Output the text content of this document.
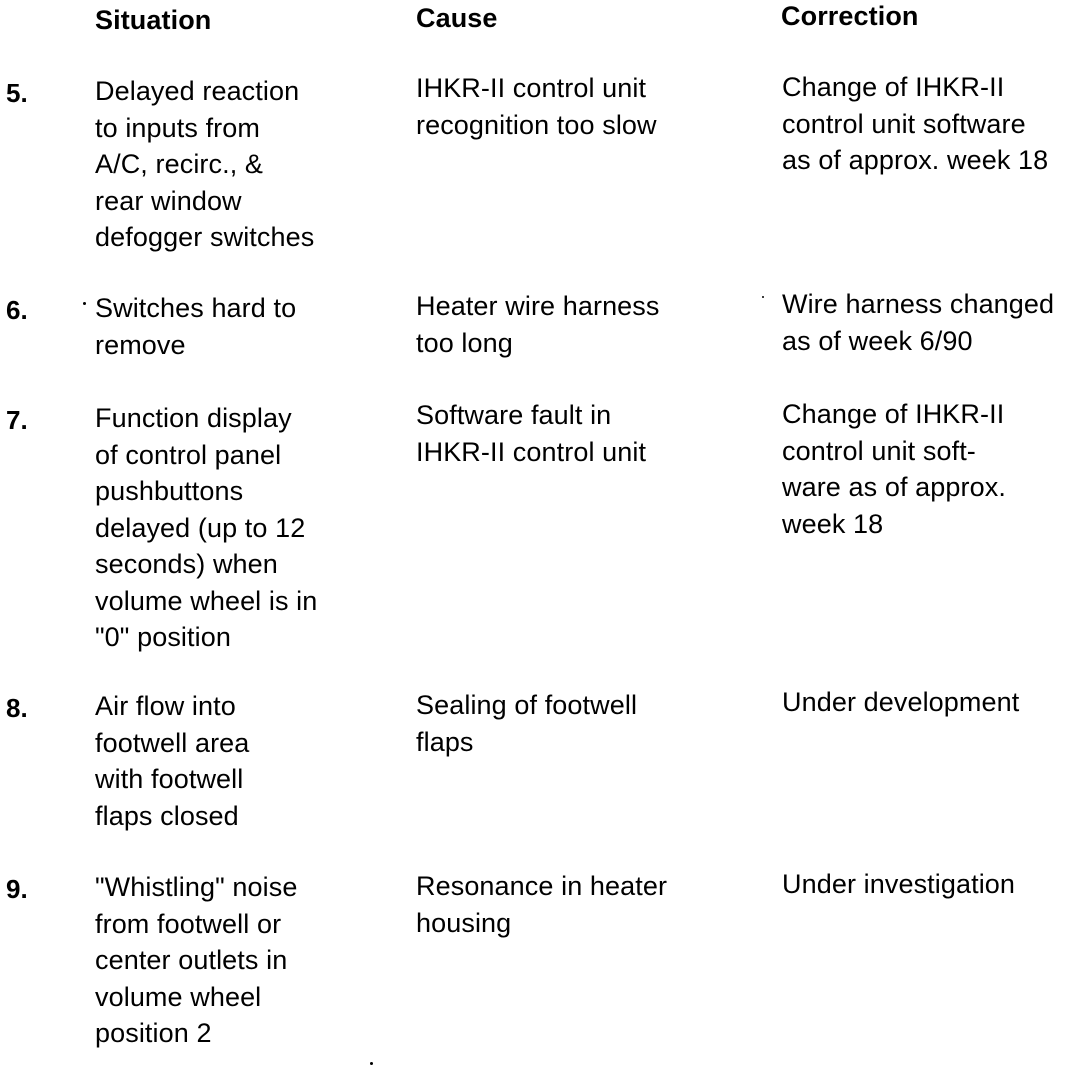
Situation	Cause	Correction
5. Delayed reaction
to inputs from
A/C, recirc., &
rear window
defogger switches
IHKR-II control unit
recognition too slow
Change of IHKR-II
control unit software
as of approx. week 18
6. Switches hard to
remove
Heater wire harness
too long
Wire harness changed
as of week 6/90
7. Function display
of control panel
pushbuttons
delayed (up to 12
seconds) when
volume wheel is in
"0" position
Software fault in
IHKR-II control unit
Change of IHKR-II
control unit soft-
ware as of approx.
week 18
8. Air flow into
footwell area
with footwell
flaps closed
Sealing of footwell
flaps
Under development
9. "Whistling" noise
from footwell or
center outlets in
volume wheel
position 2
Resonance in heater
housing
Under investigation
